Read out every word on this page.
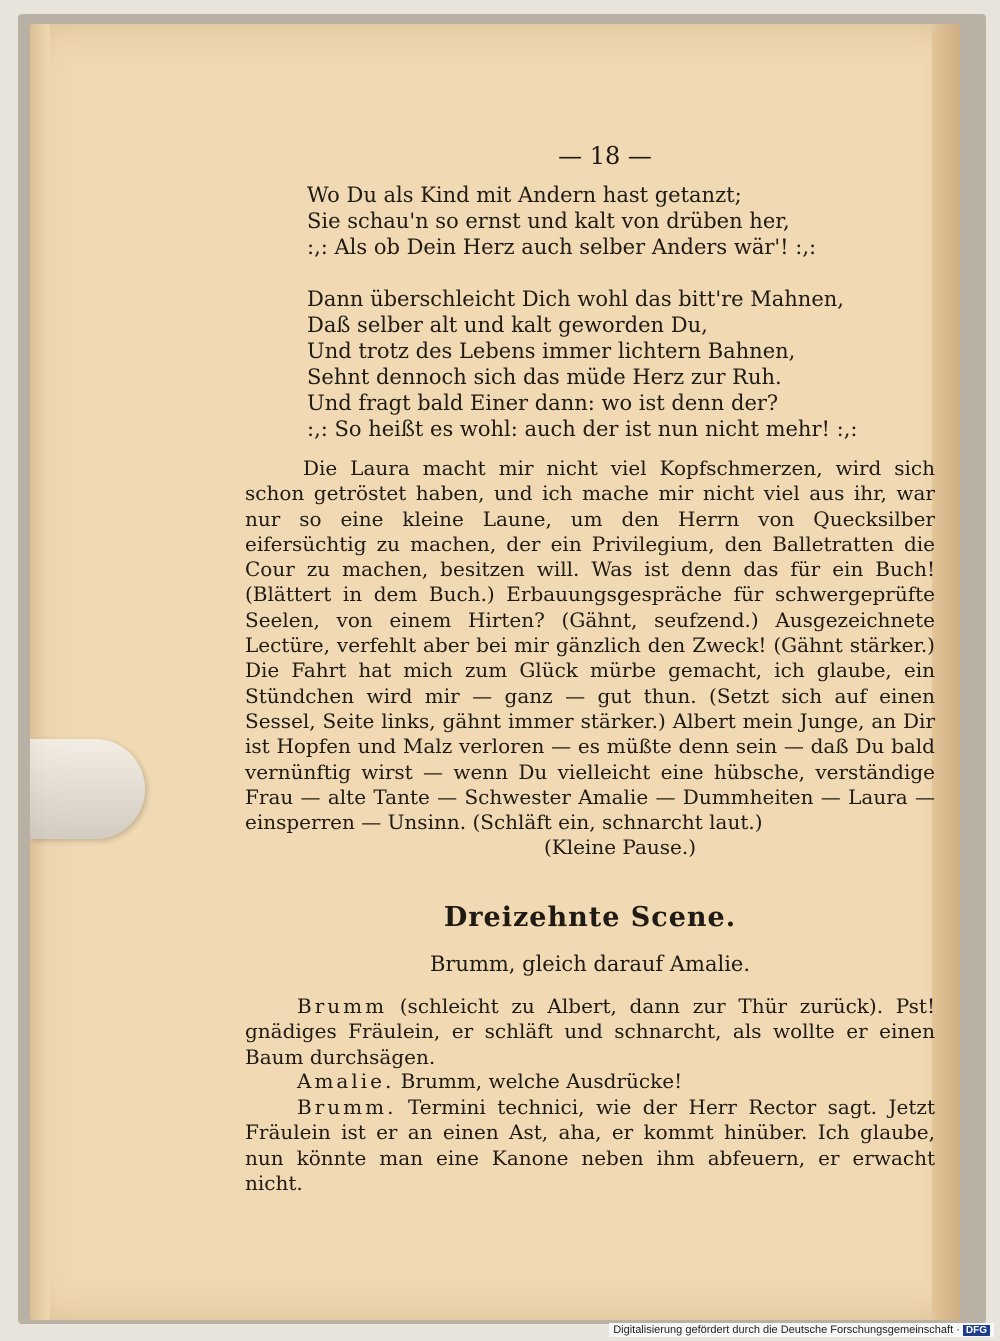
— 18 —
Wo Du als Kind mit Andern hast getanzt;
Sie schau'n so ernst und kalt von drüben her,
:,: Als ob Dein Herz auch selber Anders wär'! :,:
Dann überschleicht Dich wohl das bitt're Mahnen,
Daß selber alt und kalt geworden Du,
Und trotz des Lebens immer lichtern Bahnen,
Sehnt dennoch sich das müde Herz zur Ruh.
Und fragt bald Einer dann: wo ist denn der?
:,: So heißt es wohl: auch der ist nun nicht mehr! :,:
Die Laura macht mir nicht viel Kopfschmerzen, wird sich schon getröstet haben, und ich mache mir nicht viel aus ihr, war nur so eine kleine Laune, um den Herrn von Quecksilber eifersüchtig zu machen, der ein Privilegium, den Balletratten die Cour zu machen, besitzen will. Was ist denn das für ein Buch! (Blättert in dem Buch.) Erbauungsgespräche für schwergeprüfte Seelen, von einem Hirten? (Gähnt, seufzend.) Ausgezeichnete Lectüre, verfehlt aber bei mir gänzlich den Zweck! (Gähnt stärker.) Die Fahrt hat mich zum Glück mürbe gemacht, ich glaube, ein Stündchen wird mir — ganz — gut thun. (Setzt sich auf einen Sessel, Seite links, gähnt immer stärker.) Albert mein Junge, an Dir ist Hopfen und Malz verloren — es müßte denn sein — daß Du bald vernünftig wirst — wenn Du vielleicht eine hübsche, verständige Frau — alte Tante — Schwester Amalie — Dummheiten — Laura — einsperren — Unsinn. (Schläft ein, schnarcht laut.)
(Kleine Pause.)
Dreizehnte Scene.
Brumm, gleich darauf Amalie.
Brumm (schleicht zu Albert, dann zur Thür zurück). Pst! gnädiges Fräulein, er schläft und schnarcht, als wollte er einen Baum durchsägen.
Amalie. Brumm, welche Ausdrücke!
Brumm. Termini technici, wie der Herr Rector sagt. Jetzt Fräulein ist er an einen Ast, aha, er kommt hinüber. Ich glaube, nun könnte man eine Kanone neben ihm abfeuern, er erwacht nicht.
Digitalisierung gefördert durch die Deutsche Forschungsgemeinschaft · DFG
